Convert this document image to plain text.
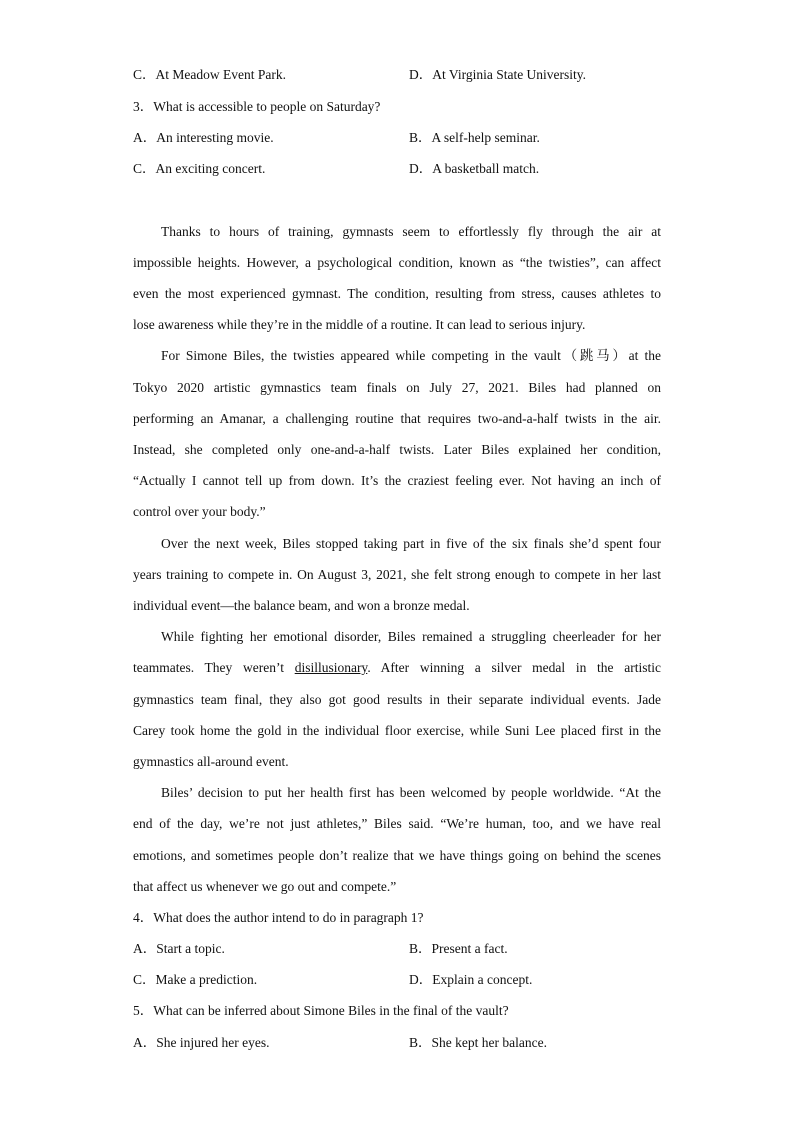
C．At Meadow Event Park.	D．At Virginia State University.
3．What is accessible to people on Saturday?
A．An interesting movie.	B．A self-help seminar.
C．An exciting concert.	D．A basketball match.
Thanks to hours of training, gymnasts seem to effortlessly fly through the air at
impossible heights. However, a psychological condition, known as “the twisties”, can affect
even the most experienced gymnast. The condition, resulting from stress, causes athletes to
lose awareness while they’re in the middle of a routine. It can lead to serious injury.
For Simone Biles, the twisties appeared while competing in the vault（跳马）at the
Tokyo 2020 artistic gymnastics team finals on July 27, 2021. Biles had planned on
performing an Amanar, a challenging routine that requires two-and-a-half twists in the air.
Instead, she completed only one-and-a-half twists. Later Biles explained her condition,
“Actually I cannot tell up from down. It’s the craziest feeling ever. Not having an inch of
control over your body.”
Over the next week, Biles stopped taking part in five of the six finals she’d spent four
years training to compete in. On August 3, 2021, she felt strong enough to compete in her last
individual event—the balance beam, and won a bronze medal.
While fighting her emotional disorder, Biles remained a struggling cheerleader for her
teammates. They weren’t disillusionary. After winning a silver medal in the artistic
gymnastics team final, they also got good results in their separate individual events. Jade
Carey took home the gold in the individual floor exercise, while Suni Lee placed first in the
gymnastics all-around event.
Biles’ decision to put her health first has been welcomed by people worldwide. “At the
end of the day, we’re not just athletes,” Biles said. “We’re human, too, and we have real
emotions, and sometimes people don’t realize that we have things going on behind the scenes
that affect us whenever we go out and compete.”
4．What does the author intend to do in paragraph 1?
A．Start a topic.	B．Present a fact.
C．Make a prediction.	D．Explain a concept.
5．What can be inferred about Simone Biles in the final of the vault?
A．She injured her eyes.	B．She kept her balance.
